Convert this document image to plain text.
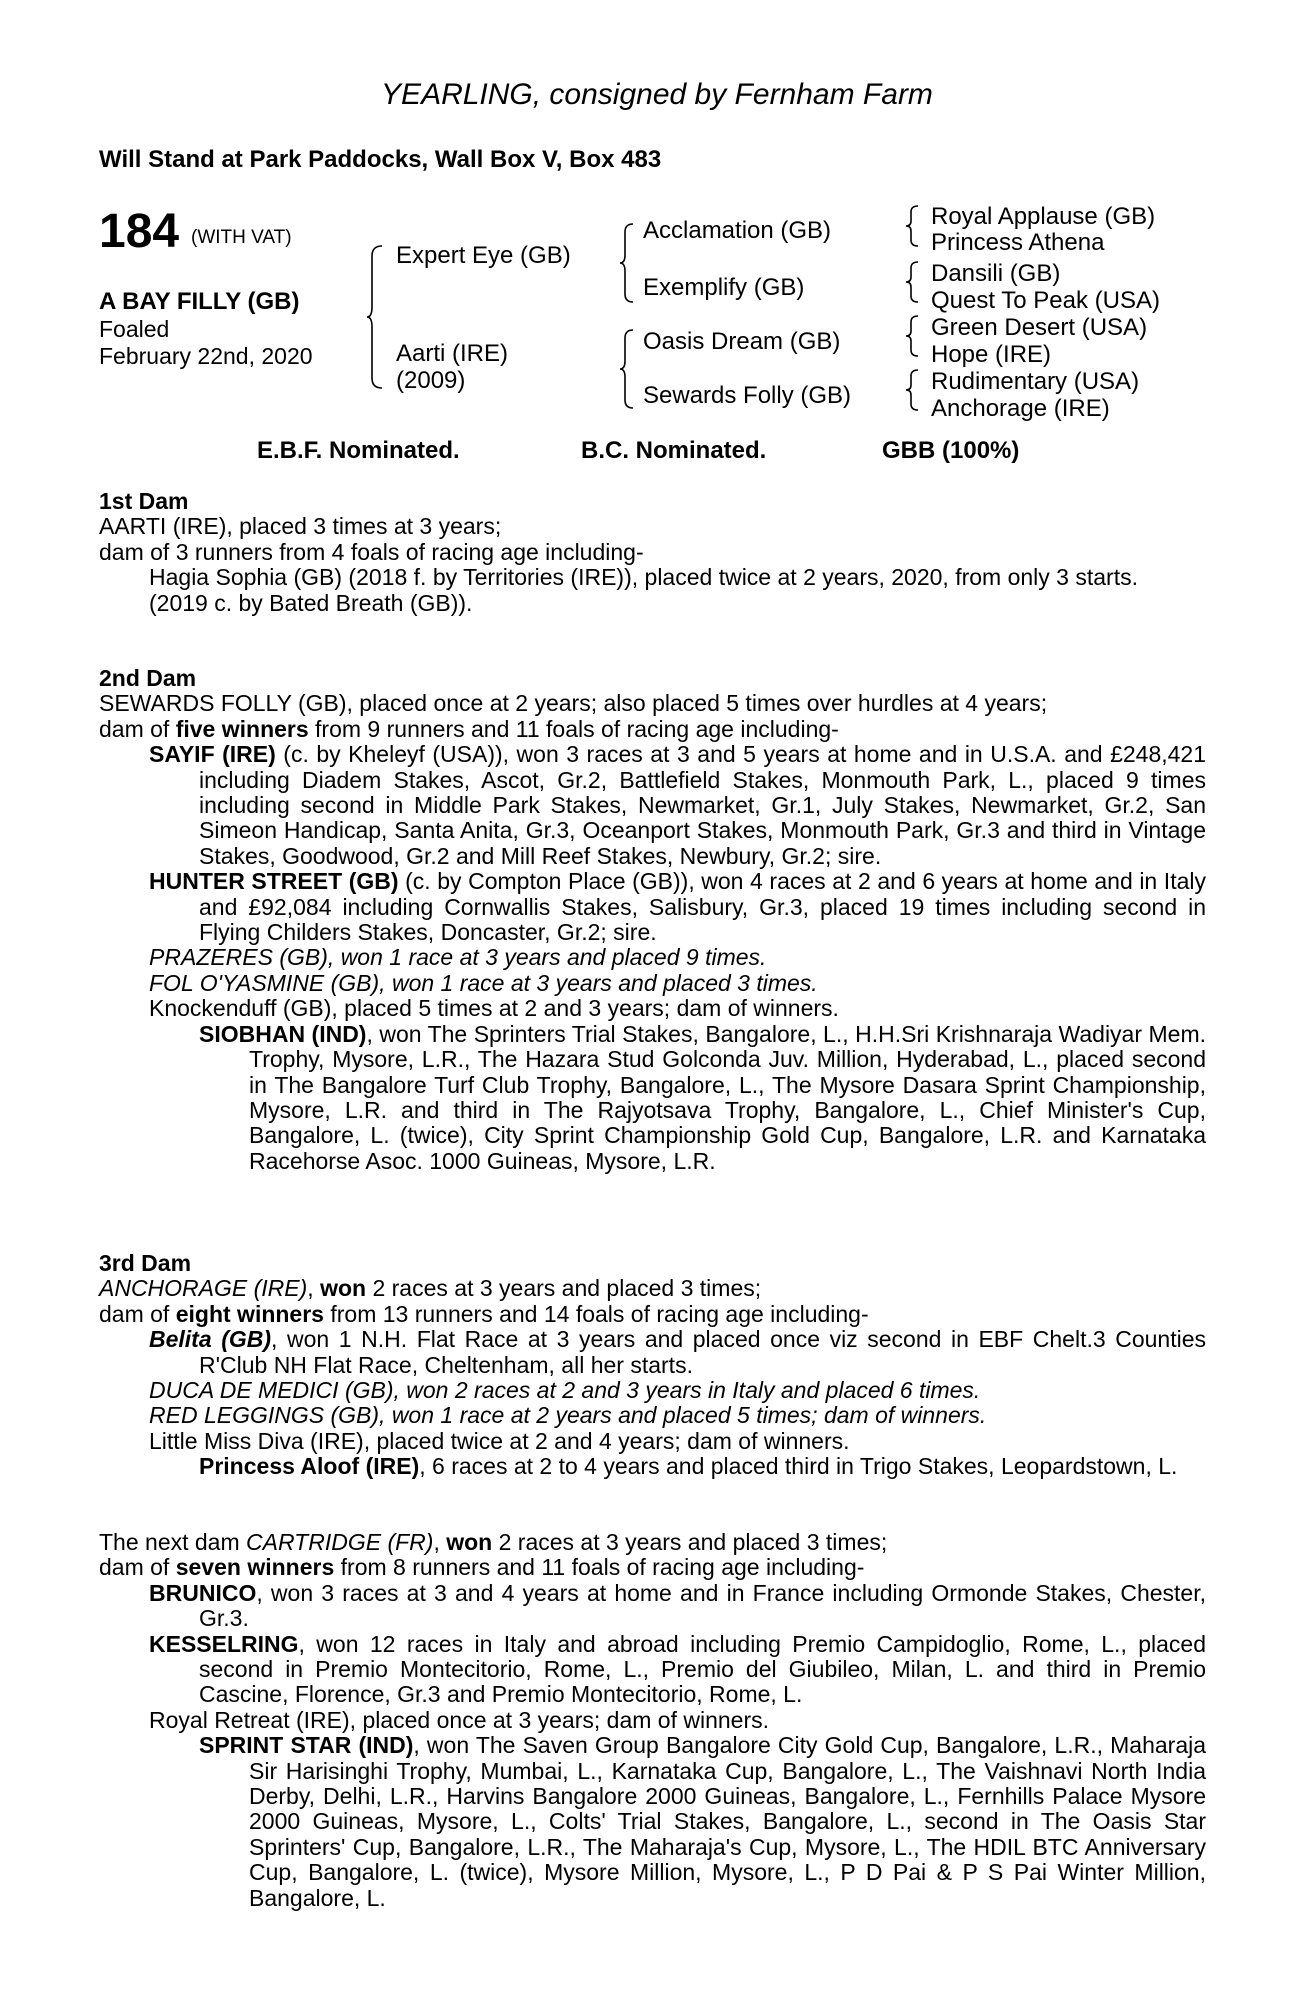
YEARLING, consigned by Fernham Farm
Will Stand at Park Paddocks, Wall Box V, Box 483
184 (WITH VAT)
A BAY FILLY (GB)
Foaled
February 22nd, 2020
Expert Eye (GB)
Aarti (IRE)
(2009)
Acclamation (GB)
Exemplify (GB)
Oasis Dream (GB)
Sewards Folly (GB)
Royal Applause (GB)
Princess Athena
Dansili (GB)
Quest To Peak (USA)
Green Desert (USA)
Hope (IRE)
Rudimentary (USA)
Anchorage (IRE)
E.B.F. Nominated.	B.C. Nominated.	GBB (100%)

1st Dam

AARTI (IRE), placed 3 times at 3 years;

dam of 3 runners from 4 foals of racing age including-

Hagia Sophia (GB) (2018 f. by Territories (IRE)), placed twice at 2 years, 2020, from only 3 starts.

(2019 c. by Bated Breath (GB)).

2nd Dam

SEWARDS FOLLY (GB), placed once at 2 years; also placed 5 times over hurdles at 4 years;

dam of five winners from 9 runners and 11 foals of racing age including-

SAYIF (IRE) (c. by Kheleyf (USA)), won 3 races at 3 and 5 years at home and in U.S.A. and £248,421 including Diadem Stakes, Ascot, Gr.2, Battlefield Stakes, Monmouth Park, L., placed 9 times including second in Middle Park Stakes, Newmarket, Gr.1, July Stakes, Newmarket, Gr.2, San Simeon Handicap, Santa Anita, Gr.3, Oceanport Stakes, Monmouth Park, Gr.3 and third in Vintage Stakes, Goodwood, Gr.2 and Mill Reef Stakes, Newbury, Gr.2; sire.

HUNTER STREET (GB) (c. by Compton Place (GB)), won 4 races at 2 and 6 years at home and in Italy and £92,084 including Cornwallis Stakes, Salisbury, Gr.3, placed 19 times including second in Flying Childers Stakes, Doncaster, Gr.2; sire.

PRAZERES (GB), won 1 race at 3 years and placed 9 times.

FOL O'YASMINE (GB), won 1 race at 3 years and placed 3 times.

Knockenduff (GB), placed 5 times at 2 and 3 years; dam of winners.

SIOBHAN (IND), won The Sprinters Trial Stakes, Bangalore, L., H.H.Sri Krishnaraja Wadiyar Mem. Trophy, Mysore, L.R., The Hazara Stud Golconda Juv. Million, Hyderabad, L., placed second in The Bangalore Turf Club Trophy, Bangalore, L., The Mysore Dasara Sprint Championship, Mysore, L.R. and third in The Rajyotsava Trophy, Bangalore, L., Chief Minister's Cup, Bangalore, L. (twice), City Sprint Championship Gold Cup, Bangalore, L.R. and Karnataka Racehorse Asoc. 1000 Guineas, Mysore, L.R.

3rd Dam

ANCHORAGE (IRE), won 2 races at 3 years and placed 3 times;

dam of eight winners from 13 runners and 14 foals of racing age including-

Belita (GB), won 1 N.H. Flat Race at 3 years and placed once viz second in EBF Chelt.3 Counties R'Club NH Flat Race, Cheltenham, all her starts.

DUCA DE MEDICI (GB), won 2 races at 2 and 3 years in Italy and placed 6 times.

RED LEGGINGS (GB), won 1 race at 2 years and placed 5 times; dam of winners.

Little Miss Diva (IRE), placed twice at 2 and 4 years; dam of winners.

Princess Aloof (IRE), 6 races at 2 to 4 years and placed third in Trigo Stakes, Leopardstown, L.

The next dam CARTRIDGE (FR), won 2 races at 3 years and placed 3 times;

dam of seven winners from 8 runners and 11 foals of racing age including-

BRUNICO, won 3 races at 3 and 4 years at home and in France including Ormonde Stakes, Chester, Gr.3.

KESSELRING, won 12 races in Italy and abroad including Premio Campidoglio, Rome, L., placed second in Premio Montecitorio, Rome, L., Premio del Giubileo, Milan, L. and third in Premio Cascine, Florence, Gr.3 and Premio Montecitorio, Rome, L.

Royal Retreat (IRE), placed once at 3 years; dam of winners.

SPRINT STAR (IND), won The Saven Group Bangalore City Gold Cup, Bangalore, L.R., Maharaja Sir Harisinghi Trophy, Mumbai, L., Karnataka Cup, Bangalore, L., The Vaishnavi North India Derby, Delhi, L.R., Harvins Bangalore 2000 Guineas, Bangalore, L., Fernhills Palace Mysore 2000 Guineas, Mysore, L., Colts' Trial Stakes, Bangalore, L., second in The Oasis Star Sprinters' Cup, Bangalore, L.R., The Maharaja's Cup, Mysore, L., The HDIL BTC Anniversary Cup, Bangalore, L. (twice), Mysore Million, Mysore, L., P D Pai & P S Pai Winter Million, Bangalore, L.
